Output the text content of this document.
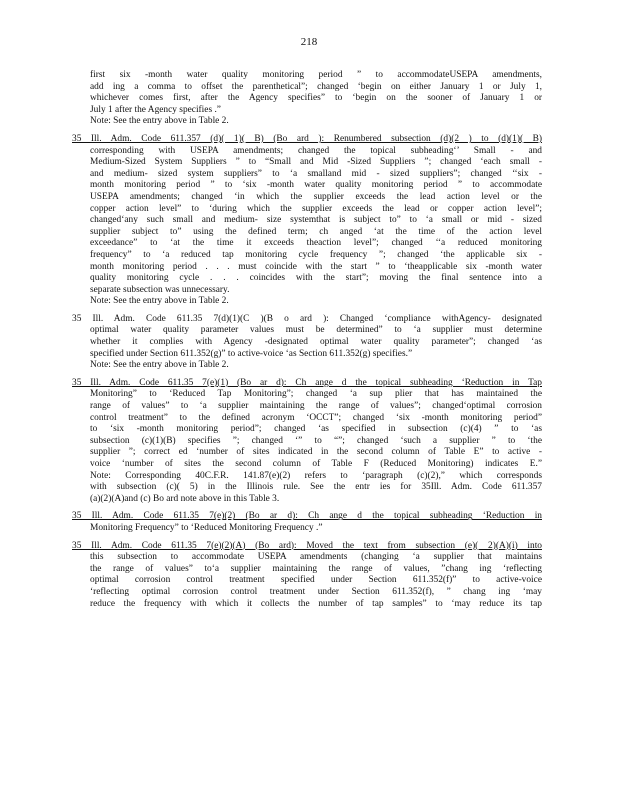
218
first six -month water quality monitoring period ” to accommodateUSEPA amendments,
add ing a comma to offset the parenthetical”; changed ‘begin on either January 1 or July 1,
whichever comes first, after the Agency specifies” to ‘begin on the sooner of January 1 or
July 1 after the Agency specifies .”
Note: See the entry above in Table 2.
35 Ill. Adm. Code 611.357 (d)( 1)( B) (Bo ard ): Renumbered subsection (d)(2 ) to (d)(1)( B)
corresponding with USEPA amendments; changed the topical subheading‘’ Small - and
Medium-Sized System Suppliers ” to “Small and Mid -Sized Suppliers ”; changed ‘each small -
and medium- sized system suppliers” to ‘a smalland mid - sized suppliers”; changed ‘‘six -
month monitoring period ” to ‘six -month water quality monitoring period ” to accommodate
USEPA amendments; changed ‘in which the supplier exceeds the lead action level or the
copper action level” to ‘during which the supplier exceeds the lead or copper action level”;
changed‘any such small and medium- size systemthat is subject to” to ‘a small or mid - sized
supplier subject to” using the defined term; ch anged ‘at the time of the action level
exceedance” to ‘at the time it exceeds theaction level”; changed ‘‘a reduced monitoring
frequency” to ‘a reduced tap monitoring cycle frequency ”; changed ‘the applicable six -
month monitoring period . . . must coincide with the start ” to ‘theapplicable six -month water
quality monitoring cycle . . . coincides with the start”; moving the final sentence into a
separate subsection was unnecessary.
Note: See the entry above in Table 2.
35 Ill. Adm. Code 611.35 7(d)(1)(C )(B o ard ): Changed ‘compliance withAgency- designated
optimal water quality parameter values must be determined” to ‘a supplier must determine
whether it complies with Agency -designated optimal water quality parameter”; changed ‘as
specified under Section 611.352(g)” to active-voice ‘as Section 611.352(g) specifies.”
Note: See the entry above in Table 2.
35 Ill. Adm. Code 611.35 7(e)(1) (Bo ar d): Ch ange d the topical subheading ‘Reduction in Tap
Monitoring” to ‘Reduced Tap Monitoring”; changed ‘a sup plier that has maintained the
range of values” to ‘a supplier maintaining the range of values”; changed‘optimal corrosion
control treatment” to the defined acronym ‘OCCT”; changed ‘six -month monitoring period”
to ‘six -month monitoring period”; changed ‘as specified in subsection (c)(4) ” to ‘as
subsection (c)(1)(B) specifies ”; changed ‘” to “”; changed ‘such a supplier ” to ‘the
supplier ”; correct ed ‘number of sites indicated in the second column of Table E” to active -
voice ‘number of sites the second column of Table F (Reduced Monitoring) indicates E.”
Note: Corresponding 40C.F.R. 141.87(e)(2) refers to ‘paragraph (c)(2),” which corresponds
with subsection (c)( 5) in the Illinois rule. See the entr ies for 35Ill. Adm. Code 611.357
(a)(2)(A)and (c) Bo ard note above in this Table 3.
35 Ill. Adm. Code 611.35 7(e)(2) (Bo ar d): Ch ange d the topical subheading ‘Reduction in
Monitoring Frequency” to ‘Reduced Monitoring Frequency .”
35 Ill. Adm. Code 611.35 7(e)(2)(A) (Bo ard): Moved the text from subsection (e)( 2)(A)(i) into
this subsection to accommodate USEPA amendments (changing ‘a supplier that maintains
the range of values” to‘a supplier maintaining the range of values, ”chang ing ‘reflecting
optimal corrosion control treatment specified under Section 611.352(f)” to active-voice
‘reflecting optimal corrosion control treatment under Section 611.352(f), ” chang ing ‘may
reduce the frequency with which it collects the number of tap samples” to ‘may reduce its tap
